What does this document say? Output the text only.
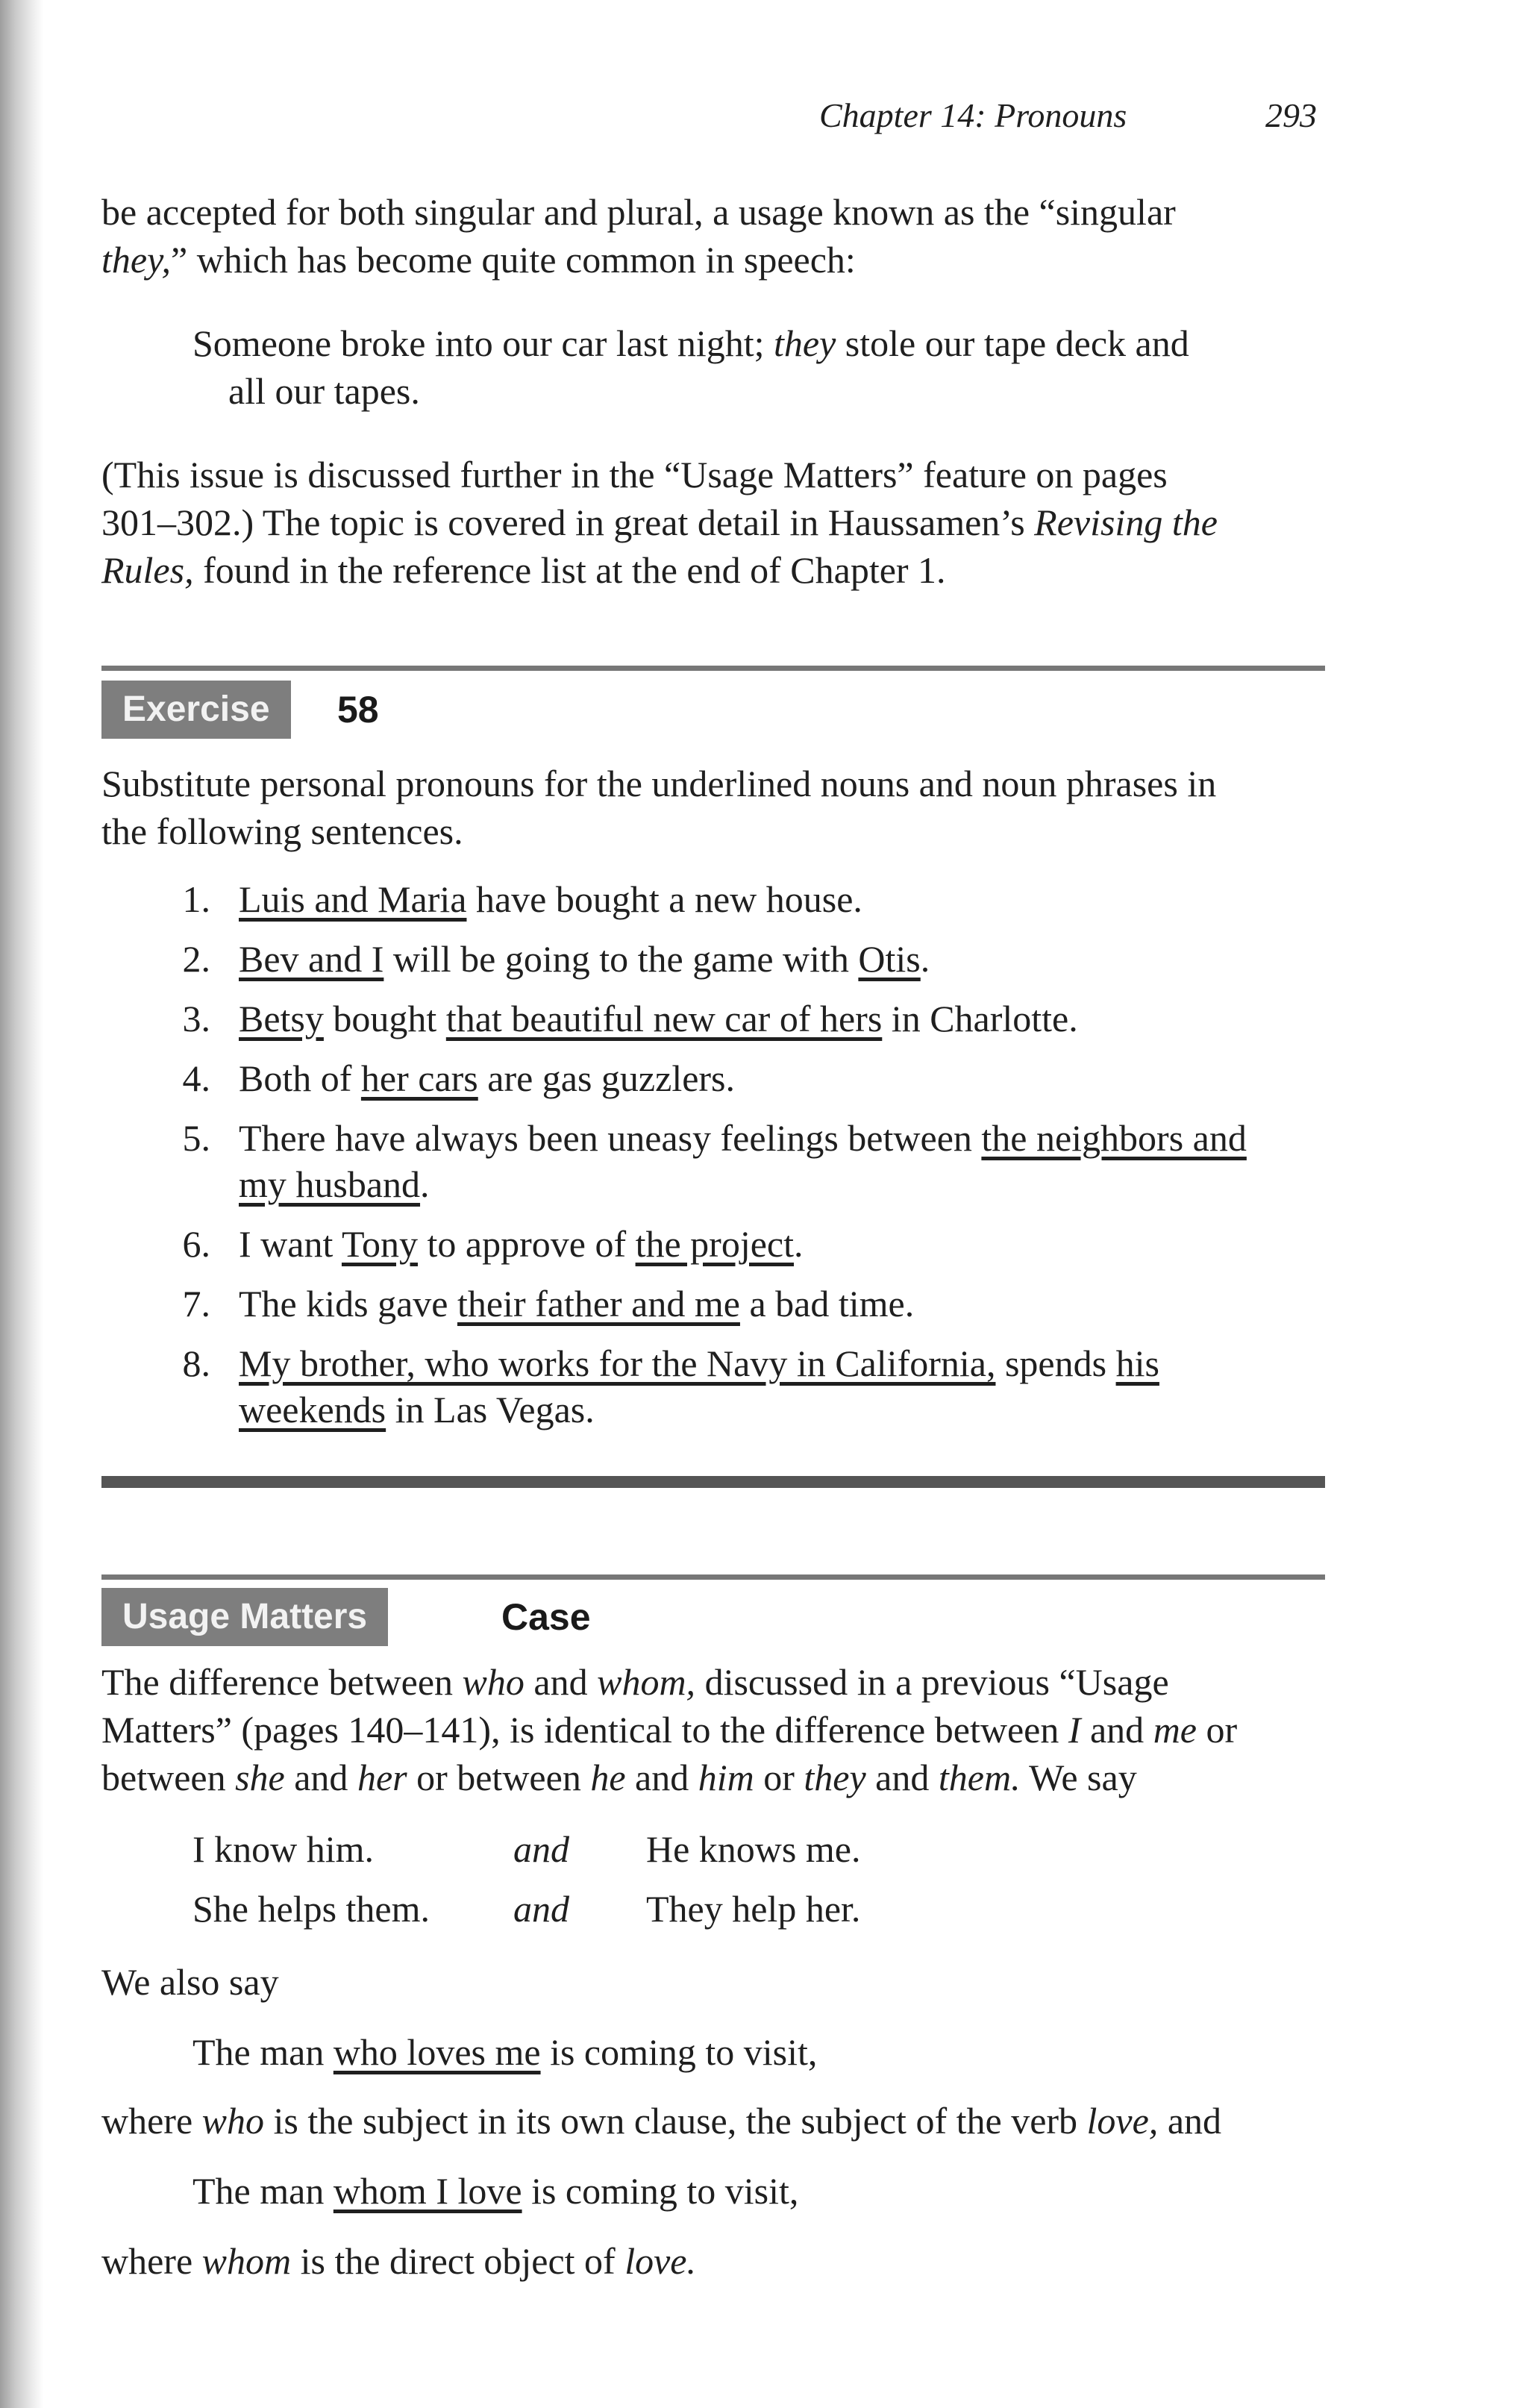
Chapter 14: Pronouns	293

be accepted for both singular and plural, a usage known as the “singular
they,” which has become quite common in speech:

Someone broke into our car last night; they stole our tape deck and
all our tapes.

(This issue is discussed further in the “Usage Matters” feature on pages
301–302.) The topic is covered in great detail in Haussamen’s Revising the
Rules, found in the reference list at the end of Chapter 1.

Exercise	58

Substitute personal pronouns for the underlined nouns and noun phrases in
the following sentences.

1. Luis and Maria have bought a new house.
2. Bev and I will be going to the game with Otis.
3. Betsy bought that beautiful new car of hers in Charlotte.
4. Both of her cars are gas guzzlers.
5. There have always been uneasy feelings between the neighbors and
my husband.
6. I want Tony to approve of the project.
7. The kids gave their father and me a bad time.
8. My brother, who works for the Navy in California, spends his
weekends in Las Vegas.
Usage Matters	Case

The difference between who and whom, discussed in a previous “Usage
Matters” (pages 140–141), is identical to the difference between I and me or
between she and her or between he and him or they and them. We say

I know him.	and He knows me.
She helps them. and They help her.

We also say

The man who loves me is coming to visit,

where who is the subject in its own clause, the subject of the verb love, and

The man whom I love is coming to visit,

where whom is the direct object of love.
